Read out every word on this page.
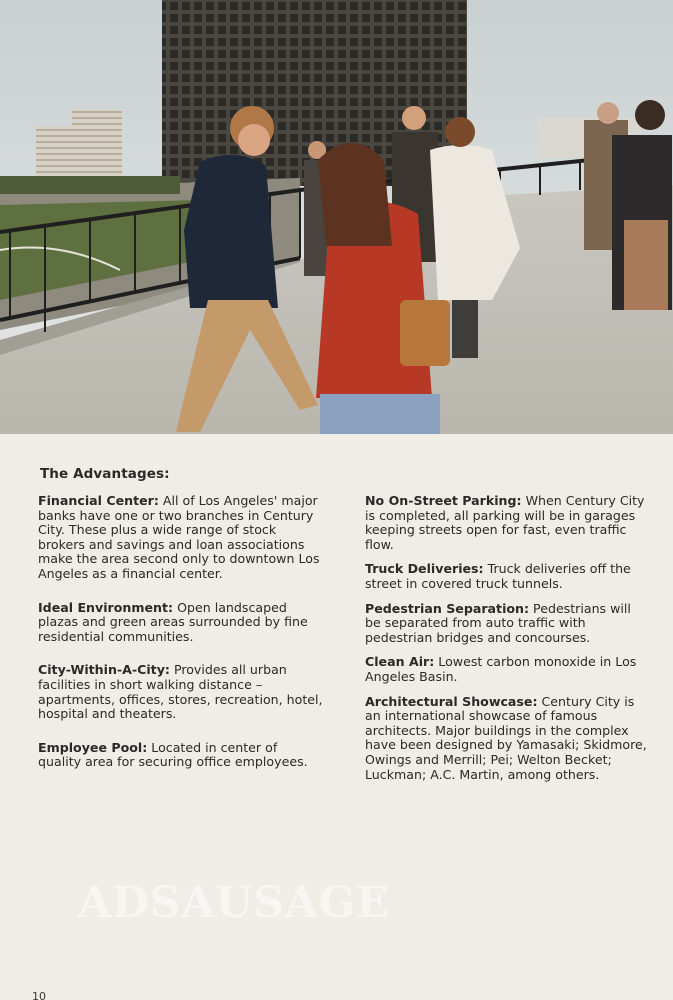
The Advantages:

Financial Center: All of Los Angeles' major banks have one or two branches in Century City. These plus a wide range of stock brokers and savings and loan associations make the area second only to downtown Los Angeles as a financial center.

Ideal Environment: Open landscaped plazas and green areas surrounded by fine residential communities.

City-Within-A-City: Provides all urban facilities in short walking distance – apartments, offices, stores, recreation, hotel, hospital and theaters.

Employee Pool: Located in center of quality area for securing office employees.

No On-Street Parking: When Century City is completed, all parking will be in garages keeping streets open for fast, even traffic flow.

Truck Deliveries: Truck deliveries off the street in covered truck tunnels.

Pedestrian Separation: Pedestrians will be separated from auto traffic with pedestrian bridges and concourses.

Clean Air: Lowest carbon monoxide in Los Angeles Basin.

Architectural Showcase: Century City is an international showcase of famous architects. Major buildings in the complex have been designed by Yamasaki; Skidmore, Owings and Merrill; Pei; Welton Becket; Luckman; A.C. Martin, among others.

ADSAUSAGE
10
